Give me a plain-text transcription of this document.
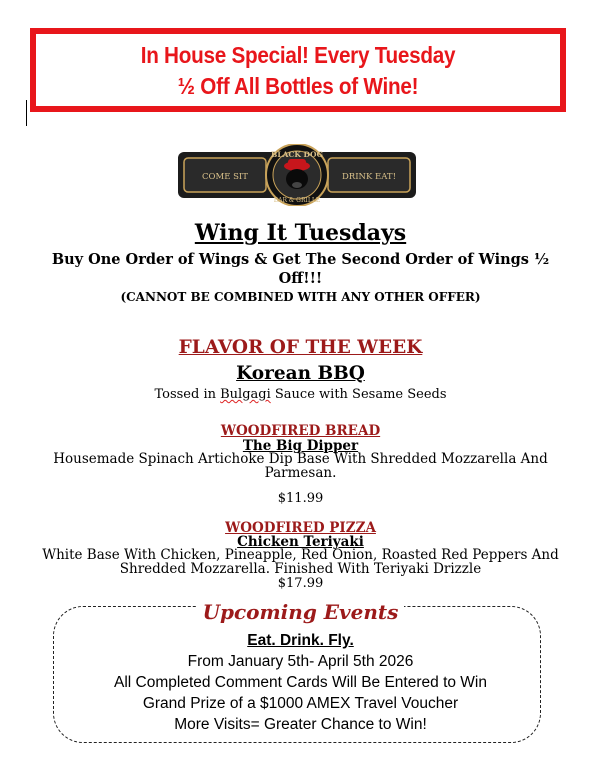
In House Special! Every Tuesday
½ Off All Bottles of Wine!
COME SIT	DRINK EAT!
BLACK DOG
BAR & GRILLE
Wing It Tuesdays
Buy One Order of Wings & Get The Second Order of Wings ½ Off!!!
(CANNOT BE COMBINED WITH ANY OTHER OFFER)
FLAVOR OF THE WEEK
Korean BBQ
Tossed in Bulgagi Sauce with Sesame Seeds
WOODFIRED BREAD
The Big Dipper
Housemade Spinach Artichoke Dip Base With Shredded Mozzarella And Parmesan.
$11.99
WOODFIRED PIZZA
Chicken Teriyaki
White Base With Chicken, Pineapple, Red Onion, Roasted Red Peppers And Shredded Mozzarella. Finished With Teriyaki Drizzle
$17.99
Upcoming Events
Eat. Drink. Fly.
From January 5th- April 5th 2026
All Completed Comment Cards Will Be Entered to Win
Grand Prize of a $1000 AMEX Travel Voucher
More Visits= Greater Chance to Win!
